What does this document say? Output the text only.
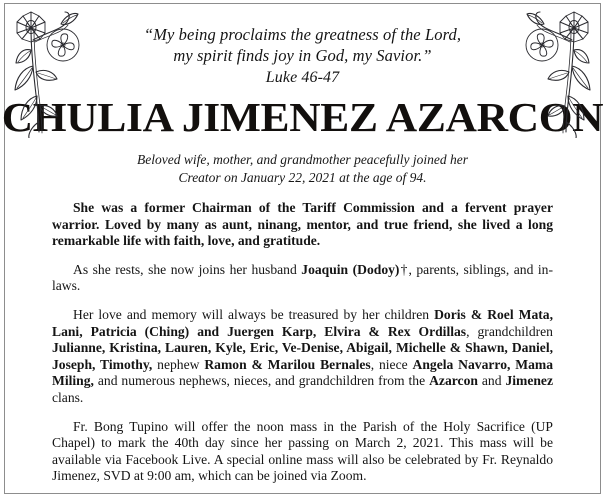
“My being proclaims the greatness of the Lord,
my spirit finds joy in God, my Savior.”
Luke 46-47
CHULIA JIMENEZ AZARCON
Beloved wife, mother, and grandmother peacefully joined her
Creator on January 22, 2021 at the age of 94.

She was a former Chairman of the Tariff Commission and a fervent prayer warrior. Loved by many as aunt, ninang, mentor, and true friend, she lived a long remarkable life with faith, love, and gratitude.

As she rests, she now joins her husband Joaquin (Dodoy)†, parents, siblings, and in-laws.

Her love and memory will always be treasured by her children Doris & Roel Mata, Lani, Patricia (Ching) and Juergen Karp, Elvira & Rex Ordillas, grandchildren Julianne, Kristina, Lauren, Kyle, Eric, Ve-Denise, Abigail, Michelle & Shawn, Daniel, Joseph, Timothy, nephew Ramon & Marilou Bernales, niece Angela Navarro, Mama Miling, and numerous nephews, nieces, and grandchildren from the Azarcon and Jimenez clans.

Fr. Bong Tupino will offer the noon mass in the Parish of the Holy Sacrifice (UP Chapel) to mark the 40th day since her passing on March 2, 2021. This mass will be available via Facebook Live. A special online mass will also be celebrated by Fr. Reynaldo Jimenez, SVD at 9:00 am, which can be joined via Zoom.
